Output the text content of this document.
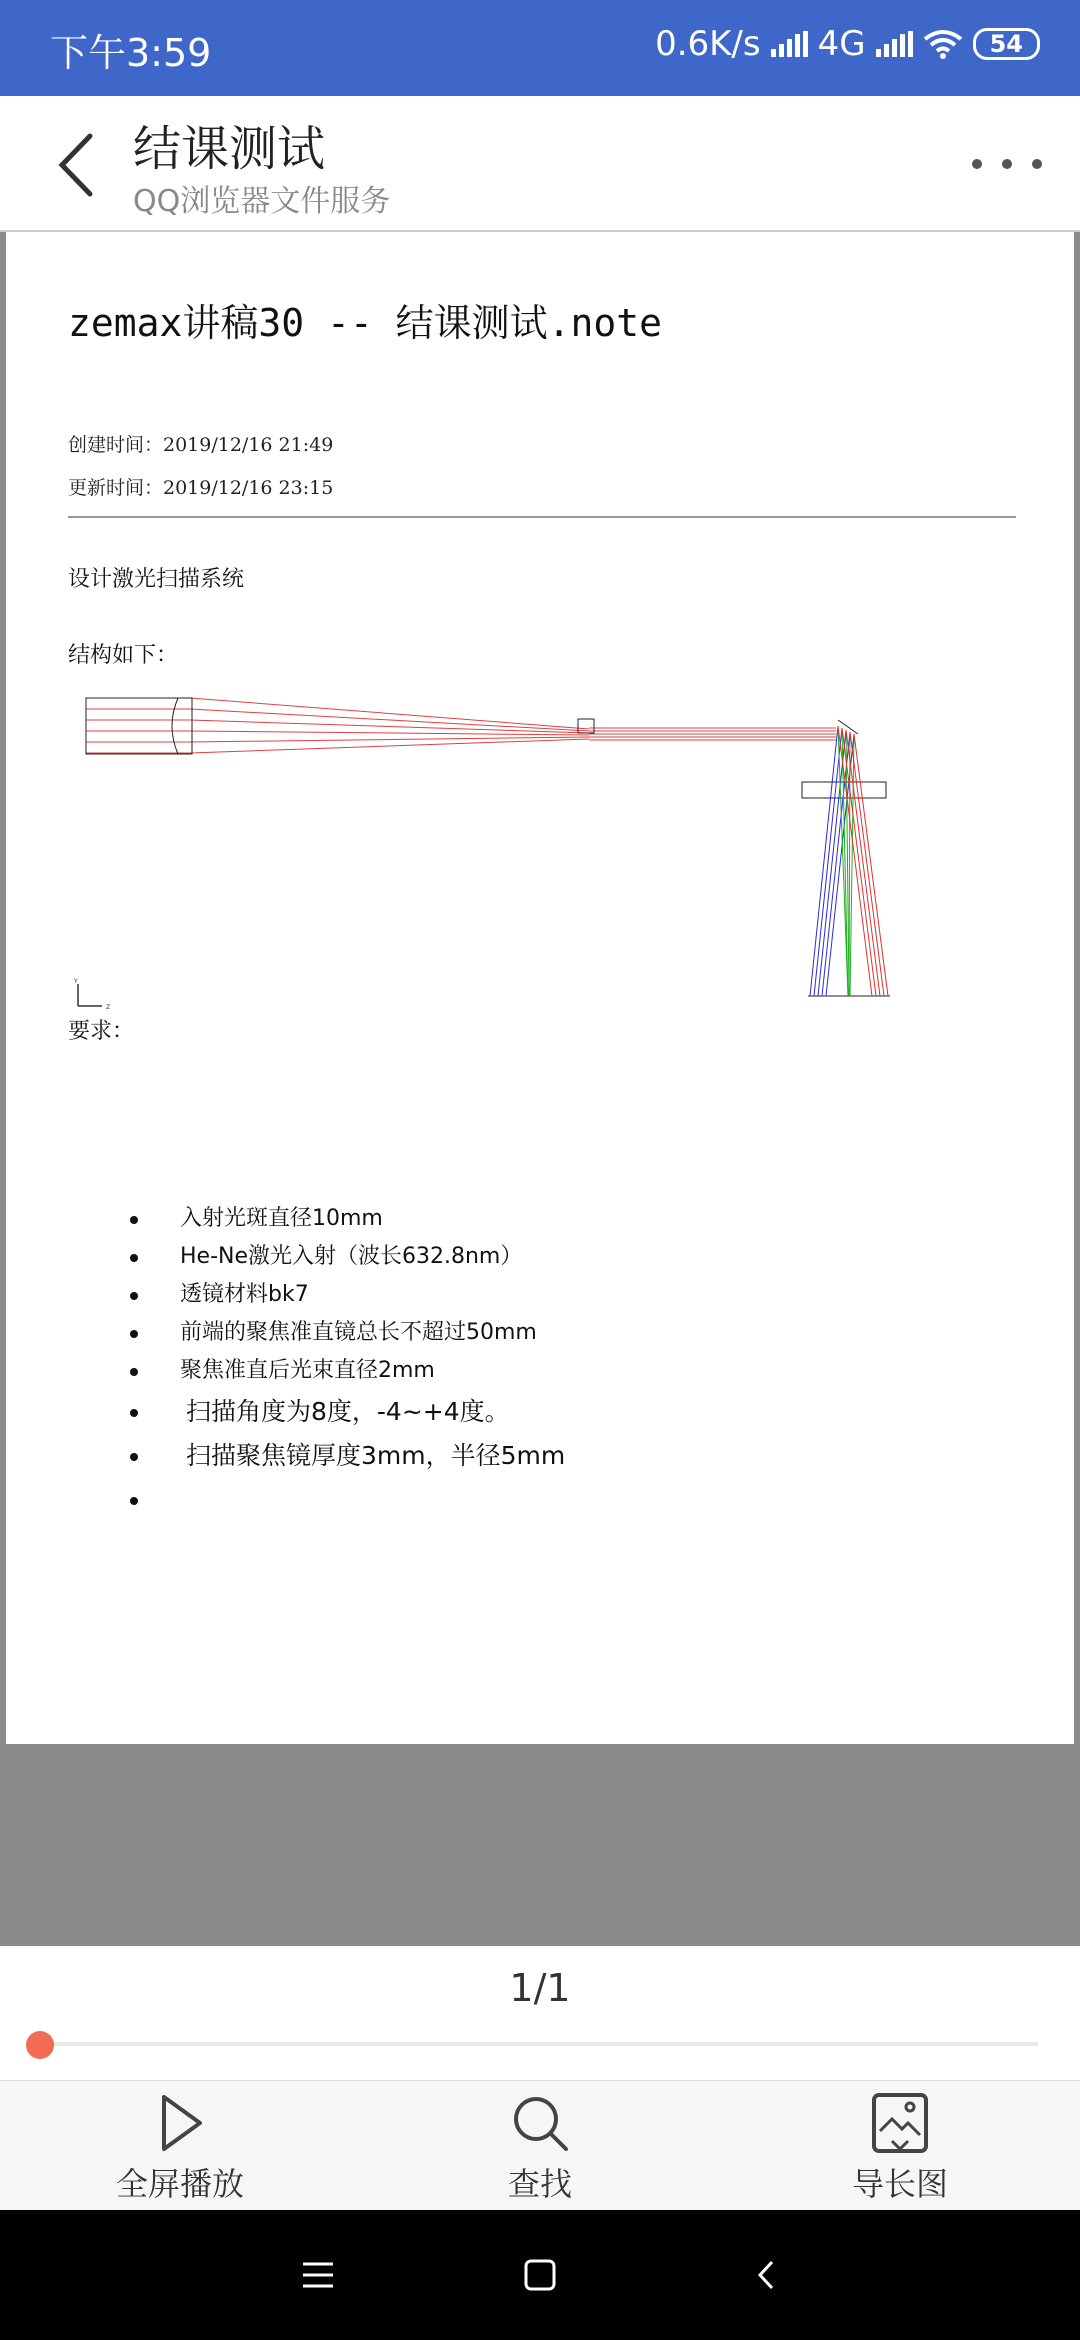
下午3:59	0.6K/s 4G	54
结课测试
QQ浏览器文件服务
zemax讲稿30 -- 结课测试.note
创建时间：2019/12/16 21:49
更新时间：2019/12/16 23:15
设计激光扫描系统
结构如下：
Y
Z
要求：
入射光斑直径10mm
He-Ne激光入射（波长632.8nm）
透镜材料bk7
前端的聚焦准直镜总长不超过50mm
聚焦准直后光束直径2mm
扫描角度为8度，-4~+4度。
扫描聚焦镜厚度3mm，半径5mm
1/1
全屏播放	查找	导长图
